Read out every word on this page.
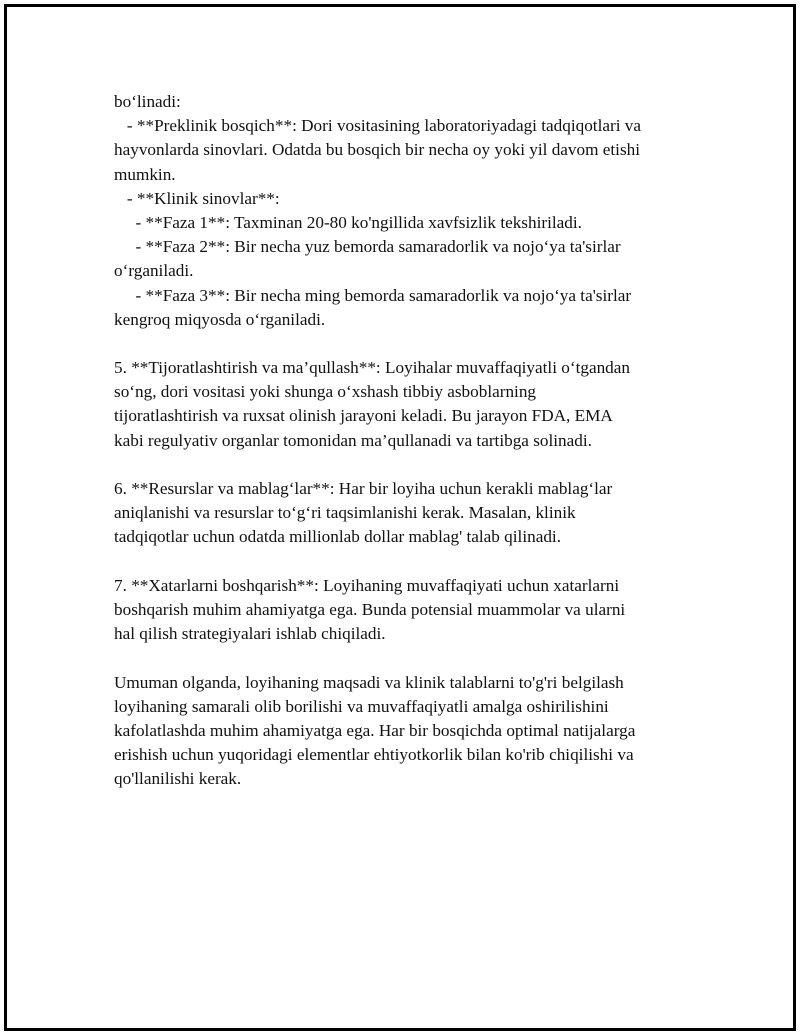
bo‘linadi:
- **Preklinik bosqich**: Dori vositasining laboratoriyadagi tadqiqotlari va
hayvonlarda sinovlari. Odatda bu bosqich bir necha oy yoki yil davom etishi
mumkin.
- **Klinik sinovlar**:
- **Faza 1**: Taxminan 20-80 ko'ngillida xavfsizlik tekshiriladi.
- **Faza 2**: Bir necha yuz bemorda samaradorlik va nojo‘ya ta'sirlar
o‘rganiladi.
- **Faza 3**: Bir necha ming bemorda samaradorlik va nojo‘ya ta'sirlar
kengroq miqyosda o‘rganiladi.
5. **Tijoratlashtirish va ma’qullash**: Loyihalar muvaffaqiyatli o‘tgandan
so‘ng, dori vositasi yoki shunga o‘xshash tibbiy asboblarning
tijoratlashtirish va ruxsat olinish jarayoni keladi. Bu jarayon FDA, EMA
kabi regulyativ organlar tomonidan ma’qullanadi va tartibga solinadi.
6. **Resurslar va mablag‘lar**: Har bir loyiha uchun kerakli mablag‘lar
aniqlanishi va resurslar to‘g‘ri taqsimlanishi kerak. Masalan, klinik
tadqiqotlar uchun odatda millionlab dollar mablag' talab qilinadi.
7. **Xatarlarni boshqarish**: Loyihaning muvaffaqiyati uchun xatarlarni
boshqarish muhim ahamiyatga ega. Bunda potensial muammolar va ularni
hal qilish strategiyalari ishlab chiqiladi.
Umuman olganda, loyihaning maqsadi va klinik talablarni to'g'ri belgilash
loyihaning samarali olib borilishi va muvaffaqiyatli amalga oshirilishini
kafolatlashda muhim ahamiyatga ega. Har bir bosqichda optimal natijalarga
erishish uchun yuqoridagi elementlar ehtiyotkorlik bilan ko'rib chiqilishi va
qo'llanilishi kerak.
